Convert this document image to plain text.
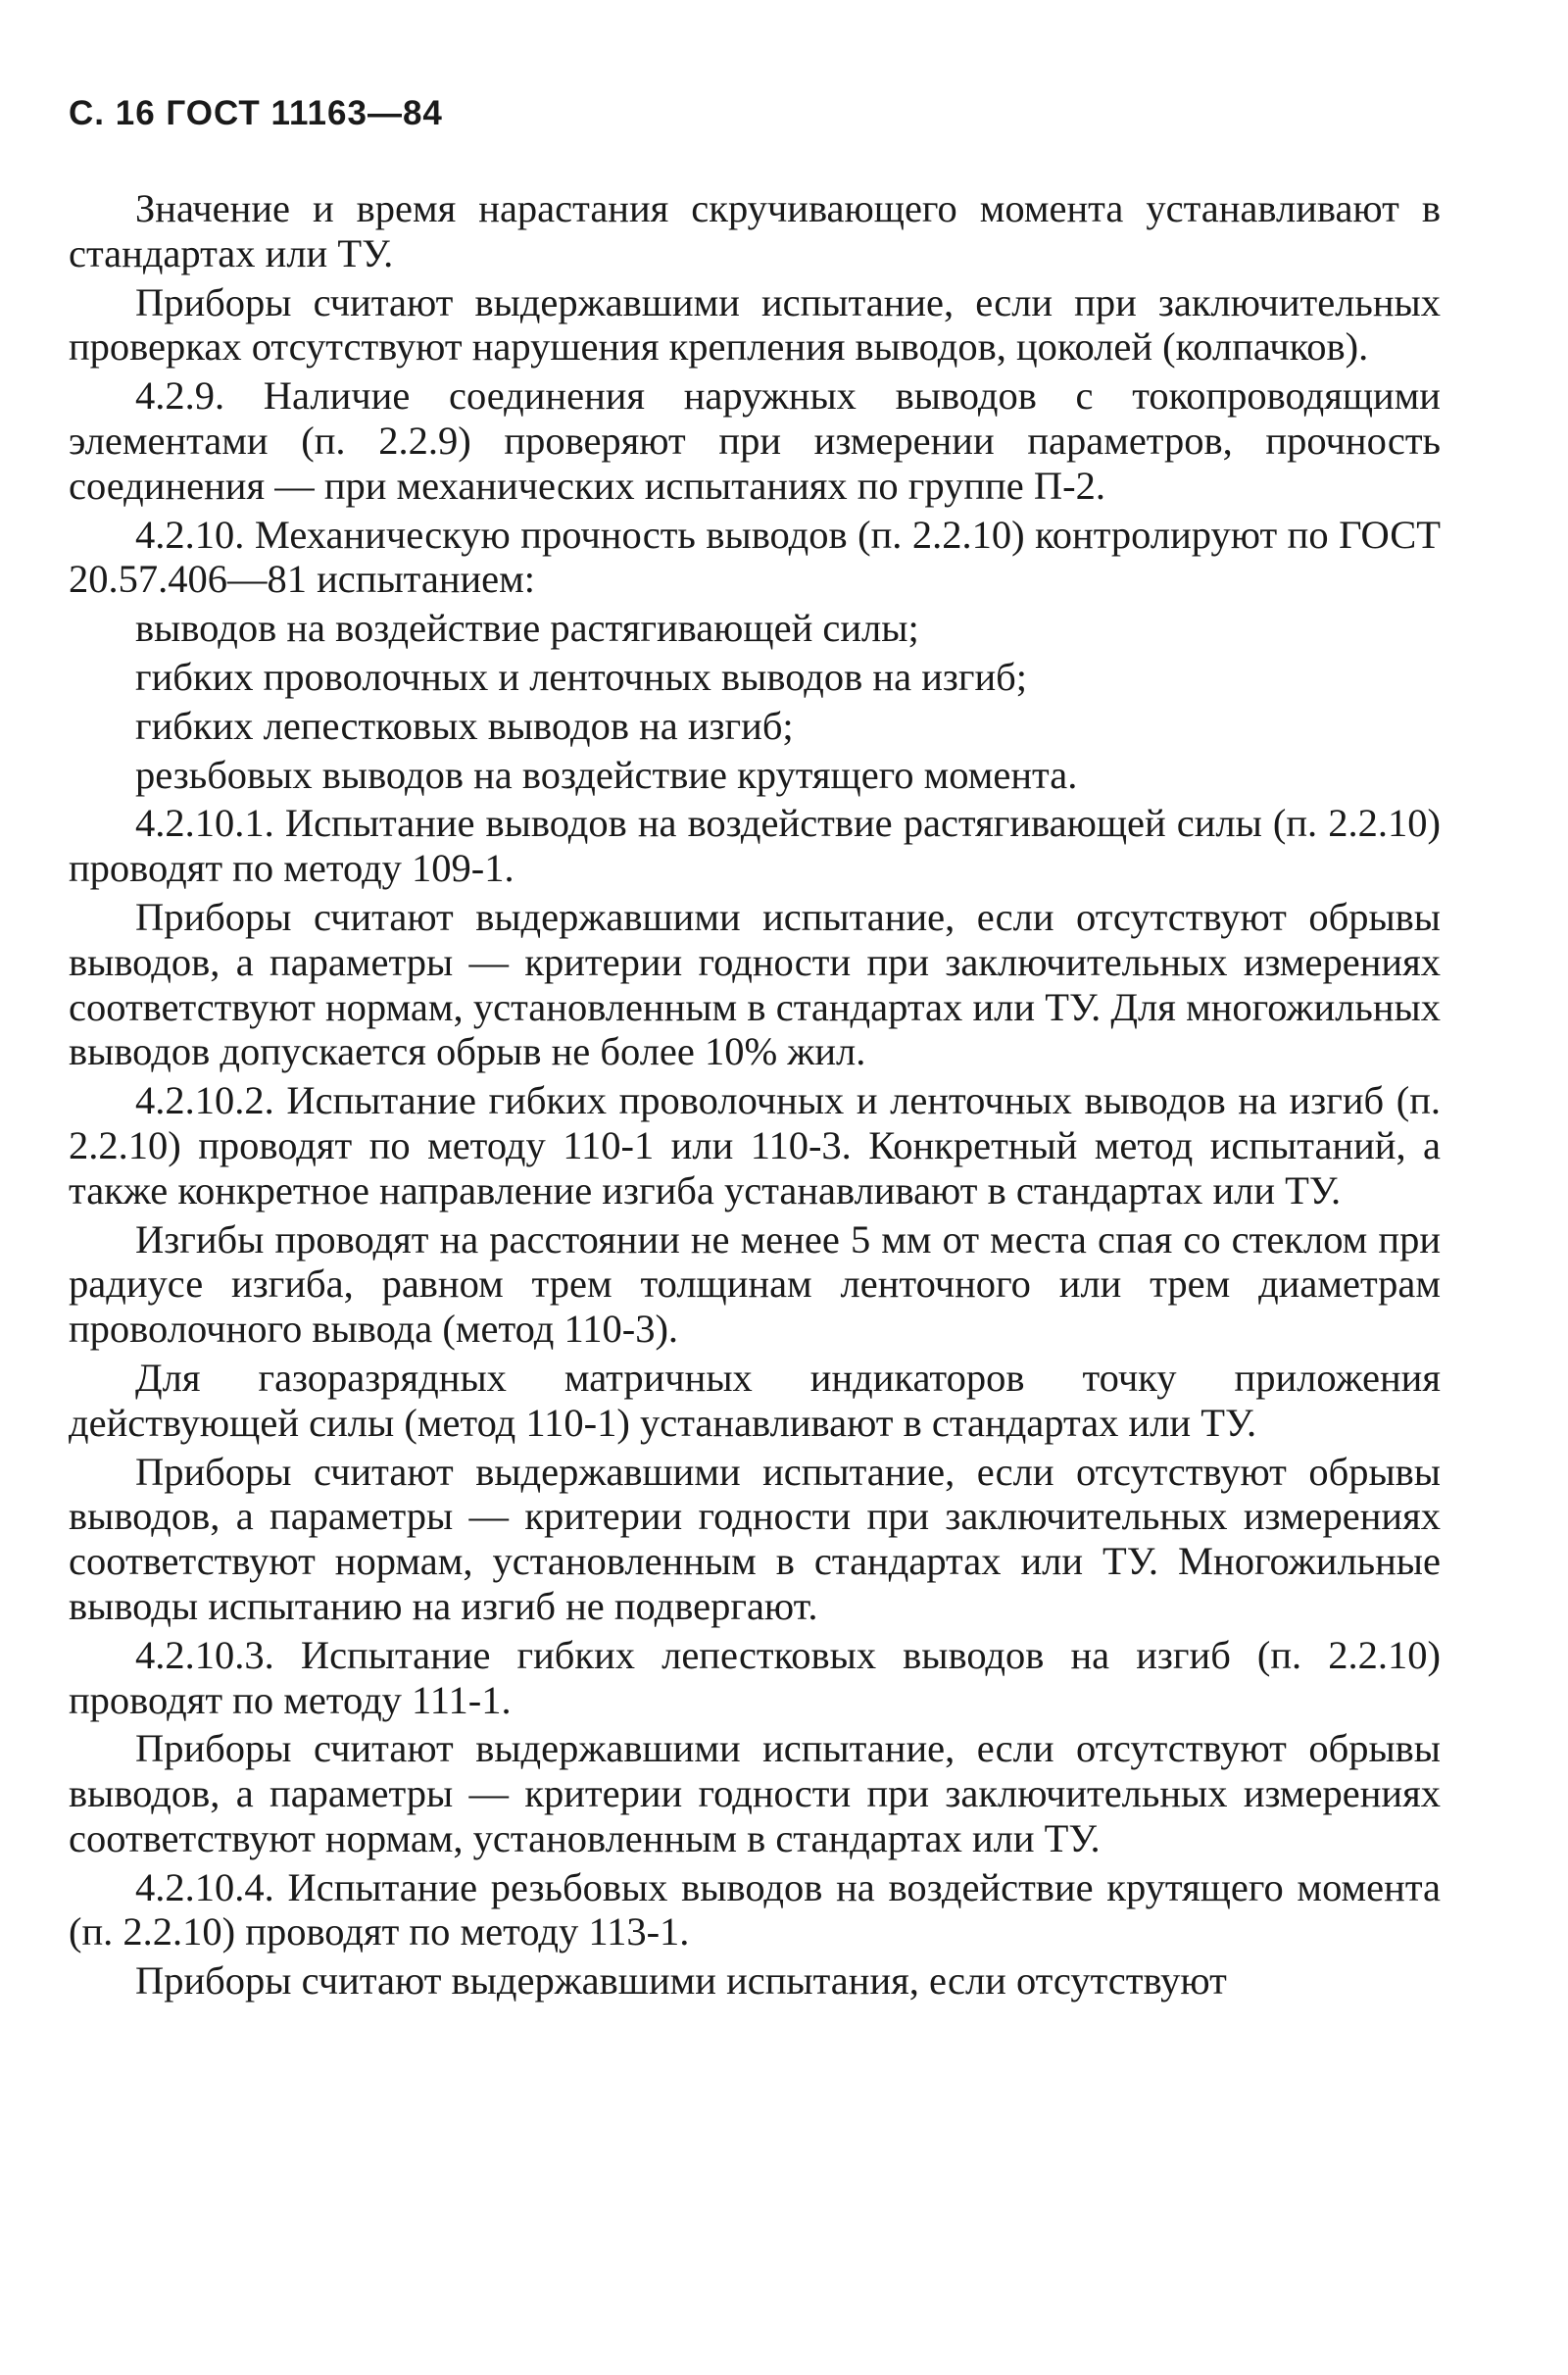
С. 16 ГОСТ 11163—84

Значение и время нарастания скручивающего момента устанавливают в стандартах или ТУ.

Приборы считают выдержавшими испытание, если при заключительных проверках отсутствуют нарушения крепления выводов, цоколей (колпачков).

4.2.9. Наличие соединения наружных выводов с токопроводящими элементами (п. 2.2.9) проверяют при измерении параметров, прочность соединения — при механических испытаниях по группе П-2.

4.2.10. Механическую прочность выводов (п. 2.2.10) контролируют по ГОСТ 20.57.406—81 испытанием:

выводов на воздействие растягивающей силы;

гибких проволочных и ленточных выводов на изгиб;

гибких лепестковых выводов на изгиб;

резьбовых выводов на воздействие крутящего момента.

4.2.10.1. Испытание выводов на воздействие растягивающей силы (п. 2.2.10) проводят по методу 109-1.

Приборы считают выдержавшими испытание, если отсутствуют обрывы выводов, а параметры — критерии годности при заключительных измерениях соответствуют нормам, установленным в стандартах или ТУ. Для многожильных выводов допускается обрыв не более 10% жил.

4.2.10.2. Испытание гибких проволочных и ленточных выводов на изгиб (п. 2.2.10) проводят по методу 110-1 или 110-3. Конкретный метод испытаний, а также конкретное направление изгиба устанавливают в стандартах или ТУ.

Изгибы проводят на расстоянии не менее 5 мм от места спая со стеклом при радиусе изгиба, равном трем толщинам ленточного или трем диаметрам проволочного вывода (метод 110-3).

Для газоразрядных матричных индикаторов точку приложения действующей силы (метод 110-1) устанавливают в стандартах или ТУ.

Приборы считают выдержавшими испытание, если отсутствуют обрывы выводов, а параметры — критерии годности при заключительных измерениях соответствуют нормам, установленным в стандартах или ТУ. Многожильные выводы испытанию на изгиб не подвергают.

4.2.10.3. Испытание гибких лепестковых выводов на изгиб (п. 2.2.10) проводят по методу 111-1.

Приборы считают выдержавшими испытание, если отсутствуют обрывы выводов, а параметры — критерии годности при заключительных измерениях соответствуют нормам, установленным в стандартах или ТУ.

4.2.10.4. Испытание резьбовых выводов на воздействие крутящего момента (п. 2.2.10) проводят по методу 113-1.

Приборы считают выдержавшими испытания, если отсутствуют
